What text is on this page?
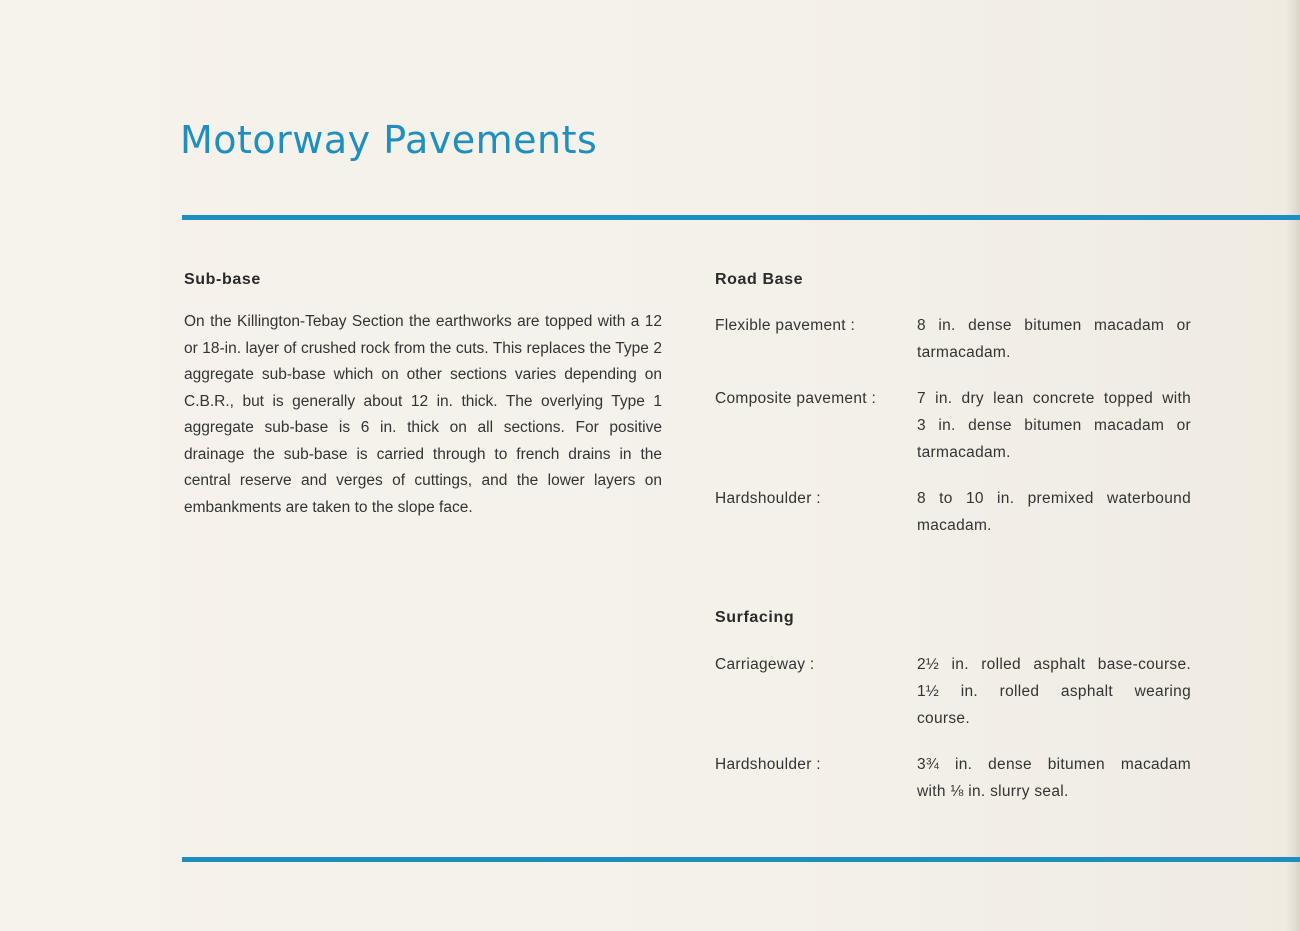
Motorway Pavements
Sub-base

On the Killington-Tebay Section the earthworks are topped with a 12 or 18-in. layer of crushed rock from the cuts. This replaces the Type 2 aggregate sub-base which on other sections varies depending on C.B.R., but is generally about 12 in. thick. The overlying Type 1 aggregate sub-base is 6 in. thick on all sections. For positive drainage the sub-base is carried through to french drains in the central reserve and verges of cuttings, and the lower layers on embankments are taken to the slope face.

Road Base
Flexible pavement :	8 in. dense bitumen macadam or
tarmacadam.
Composite pavement :	7 in. dry lean concrete topped with
3 in. dense bitumen macadam or
tarmacadam.
Hardshoulder :	8 to 10 in. premixed waterbound
macadam.
Surfacing
Carriageway :	2½ in. rolled asphalt base-course.
1½ in. rolled asphalt wearing
course.
Hardshoulder :	3¾ in. dense bitumen macadam
with ⅛ in. slurry seal.
